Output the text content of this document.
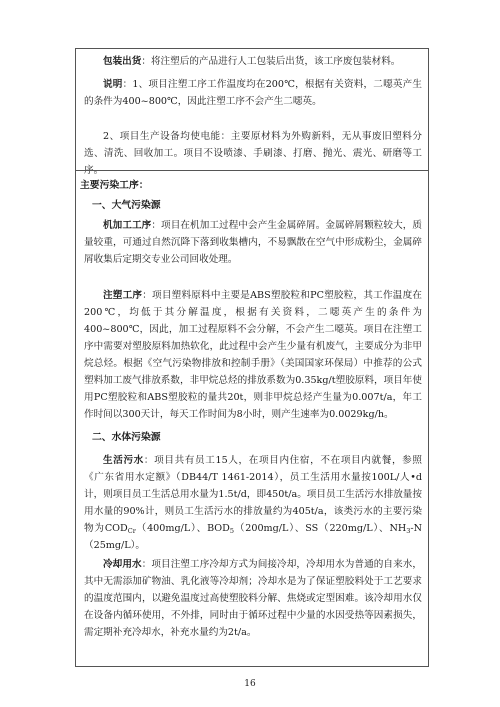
包装出货：将注塑后的产品进行人工包装后出货，该工序废包装材料。

说明：1、项目注塑工序工作温度均在200℃，根据有关资料，二噁英产生的条件为400~800℃，因此注塑工序不会产生二噁英。

2、项目生产设备均使电能：主要原材料为外购新料，无从事废旧塑料分选、清洗、回收加工。项目不设喷漆、手刷漆、打磨、抛光、震光、研磨等工序。

主要污染工序：

一、大气污染源

机加工工序：项目在机加工过程中会产生金属碎屑。金属碎屑颗粒较大，质量较重，可通过自然沉降下落到收集槽内，不易飘散在空气中形成粉尘，金属碎屑收集后定期交专业公司回收处理。

注塑工序：项目塑料原料中主要是ABS塑胶粒和PC塑胶粒，其工作温度在200℃，均低于其分解温度，根据有关资料，二噁英产生的条件为400~800℃，因此，加工过程原料不会分解，不会产生二噁英。项目在注塑工序中需要对塑胶原料加热软化，此过程中会产生少量有机废气，主要成分为非甲烷总烃。根据《空气污染物排放和控制手册》（美国国家环保局）中推荐的公式塑料加工废气排放系数，非甲烷总烃的排放系数为0.35kg/t塑胶原料，项目年使用PC塑胶粒和ABS塑胶粒的量共20t，则非甲烷总烃产生量为0.007t/a，年工作时间以300天计，每天工作时间为8小时，则产生速率为0.0029kg/h。

二、水体污染源

生活污水：项目共有员工15人，在项目内住宿，不在项目内就餐，参照《广东省用水定额》（DB44/T 1461-2014），员工生活用水量按100L/人•d计，则项目员工生活总用水量为1.5t/d，即450t/a。项目员工生活污水排放量按用水量的90%计，则员工生活污水的排放量约为405t/a，该类污水的主要污染物为$COD_{Cr}(400mg/L)$、$BOD_5(200mg/L)$、SS（220mg/L）、$NH_3-N(25mg/L)$。

冷却用水：项目注塑工序冷却方式为间接冷却，冷却用水为普通的自来水，其中无需添加矿物油、乳化液等冷却剂；冷却水是为了保证塑胶料处于工艺要求的温度范围内，以避免温度过高使塑胶料分解、焦烧或定型困难。该冷却用水仅在设备内循环使用，不外排，同时由于循环过程中少量的水因受热等因素损失，需定期补充冷却水，补充水量约为2t/a。

16
